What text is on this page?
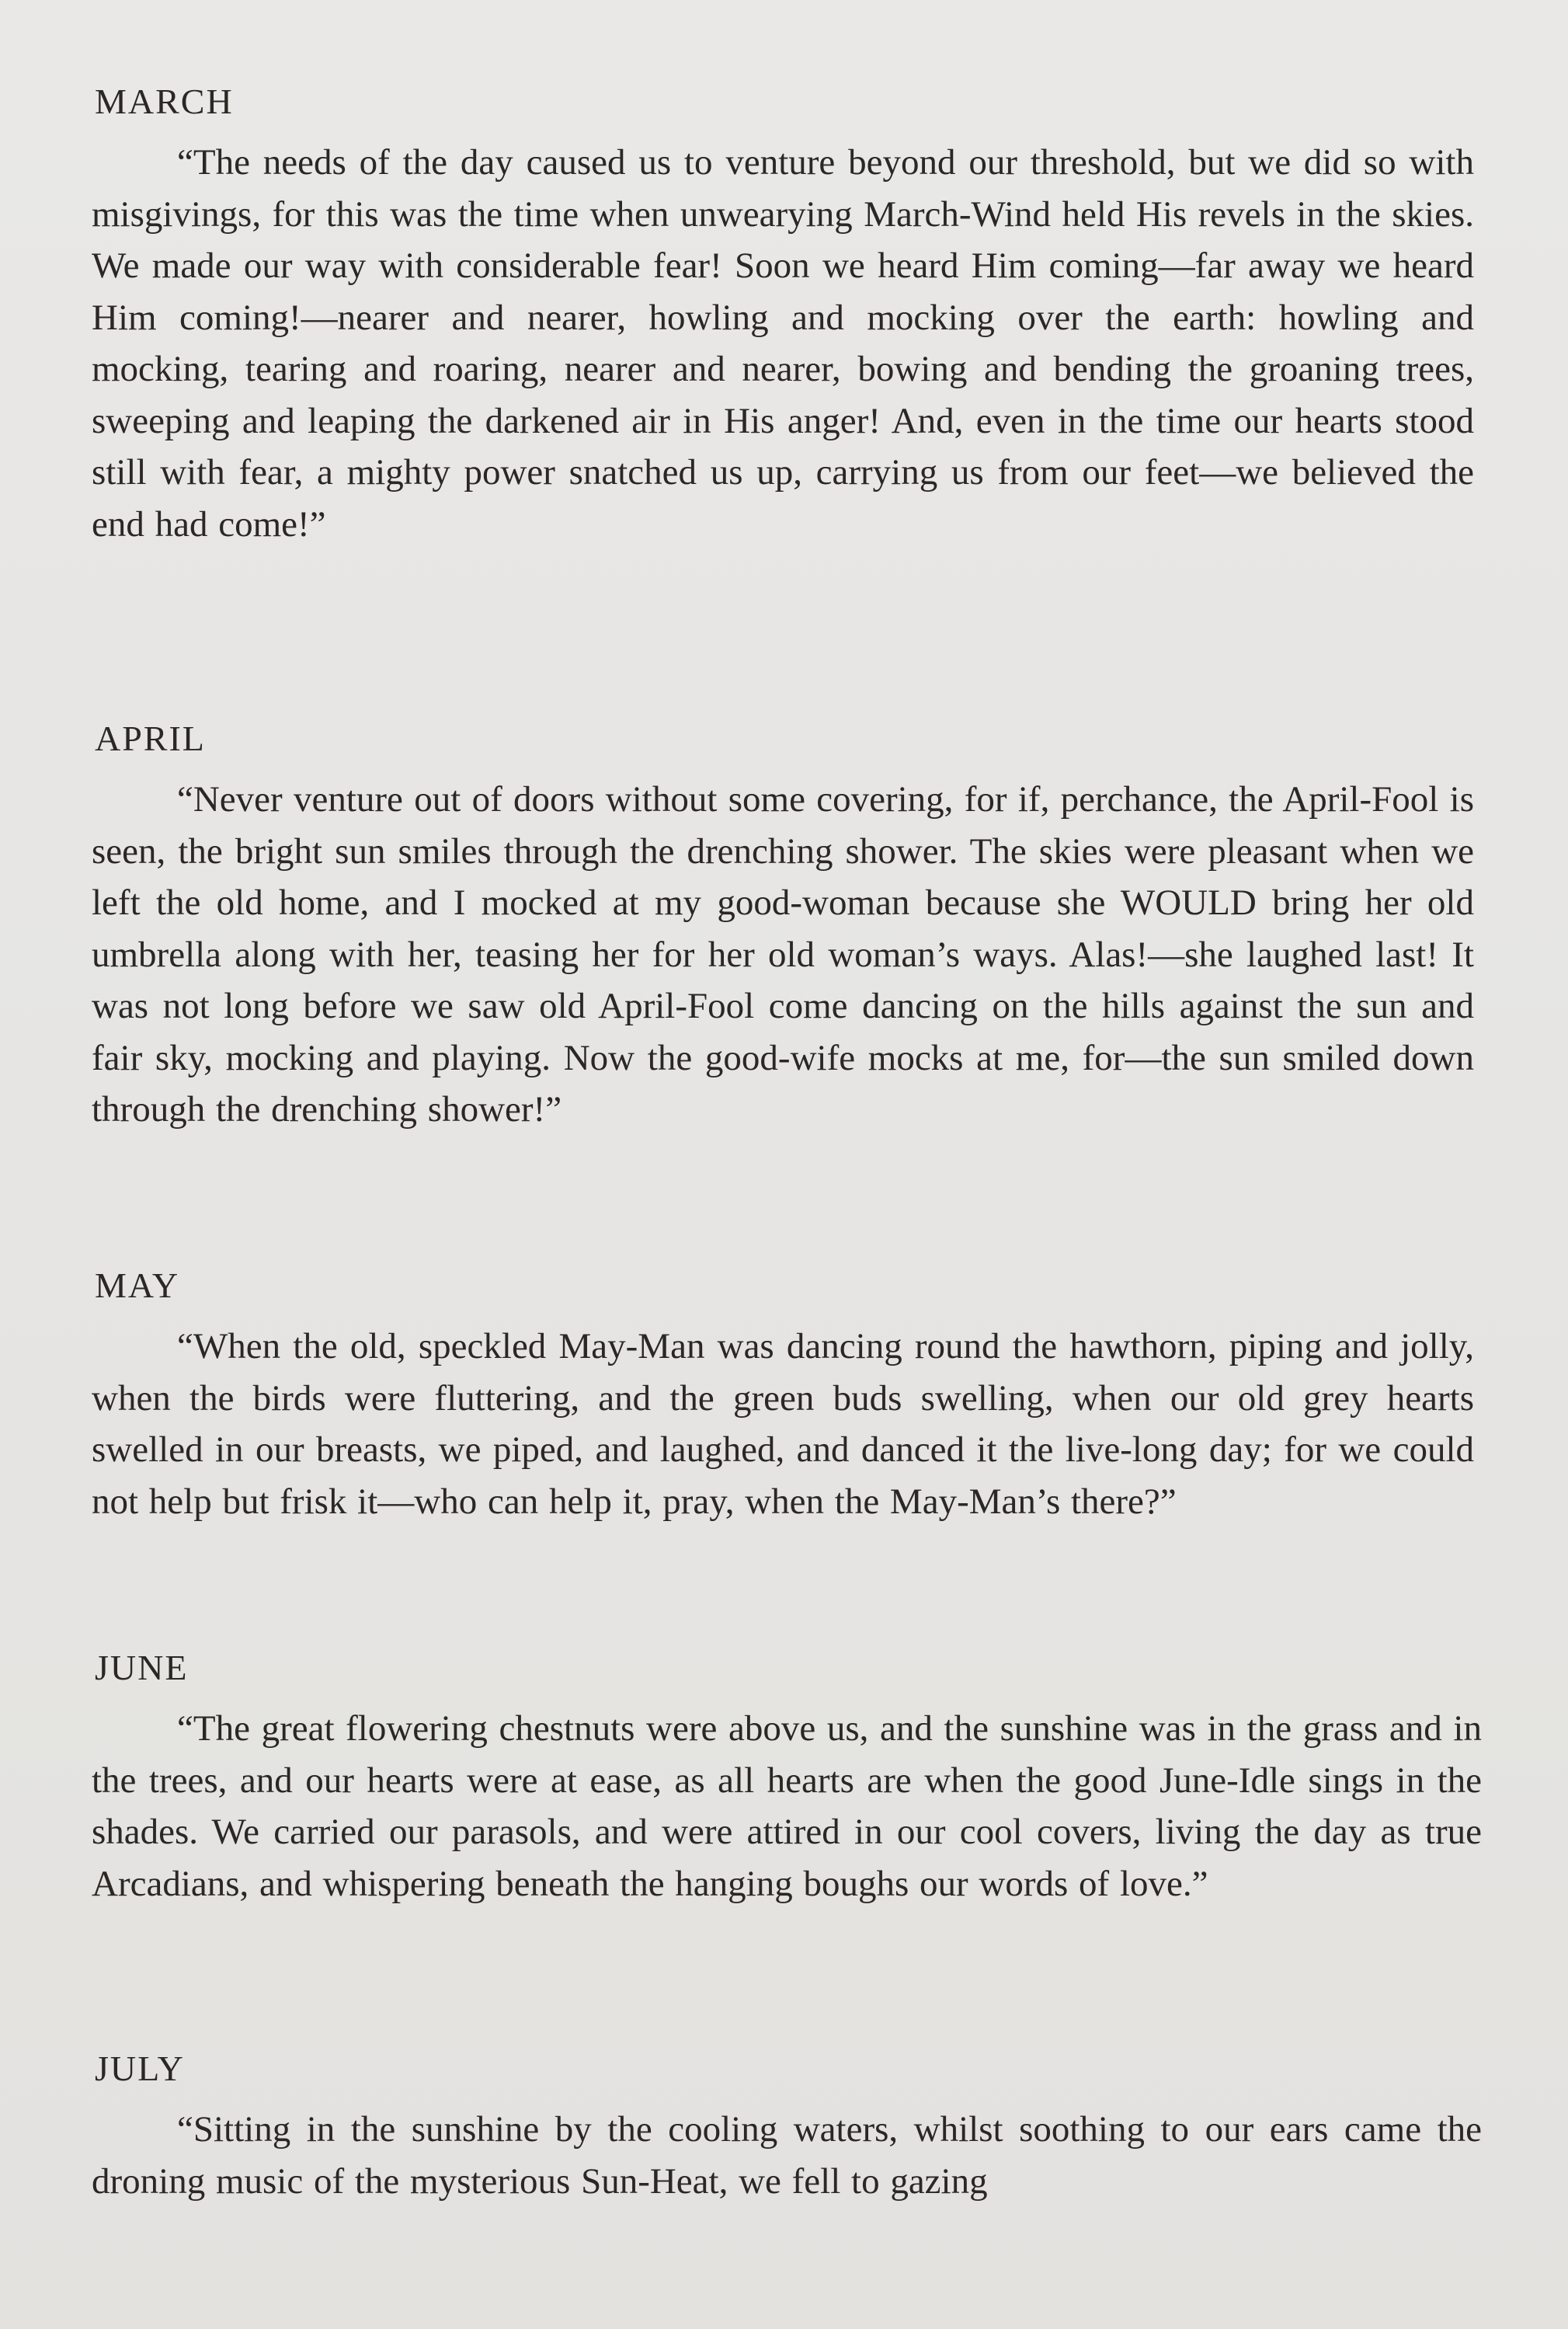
MARCH

“The needs of the day caused us to venture beyond our threshold, but we did so with misgivings, for this was the time when unwearying March-Wind held His revels in the skies. We made our way with considerable fear! Soon we heard Him coming—far away we heard Him coming!—nearer and nearer, howling and mocking over the earth: howling and mocking, tearing and roaring, nearer and nearer, bowing and bending the groaning trees, sweeping and leaping the darkened air in His anger! And, even in the time our hearts stood still with fear, a mighty power snatched us up, carrying us from our feet—we believed the end had come!”

APRIL

“Never venture out of doors without some covering, for if, perchance, the April-Fool is seen, the bright sun smiles through the drenching shower. The skies were pleasant when we left the old home, and I mocked at my good-woman because she WOULD bring her old umbrella along with her, teasing her for her old woman’s ways. Alas!—she laughed last! It was not long before we saw old April-Fool come dancing on the hills against the sun and fair sky, mocking and playing. Now the good-wife mocks at me, for—the sun smiled down through the drenching shower!”

MAY

“When the old, speckled May-Man was dancing round the hawthorn, piping and jolly, when the birds were fluttering, and the green buds swelling, when our old grey hearts swelled in our breasts, we piped, and laughed, and danced it the live-long day; for we could not help but frisk it—who can help it, pray, when the May-Man’s there?”

JUNE

“The great flowering chestnuts were above us, and the sunshine was in the grass and in the trees, and our hearts were at ease, as all hearts are when the good June-Idle sings in the shades. We carried our parasols, and were attired in our cool covers, living the day as true Arcadians, and whispering beneath the hanging boughs our words of love.”

JULY

“Sitting in the sunshine by the cooling waters, whilst soothing to our ears came the droning music of the mysterious Sun-Heat, we fell to gazing
